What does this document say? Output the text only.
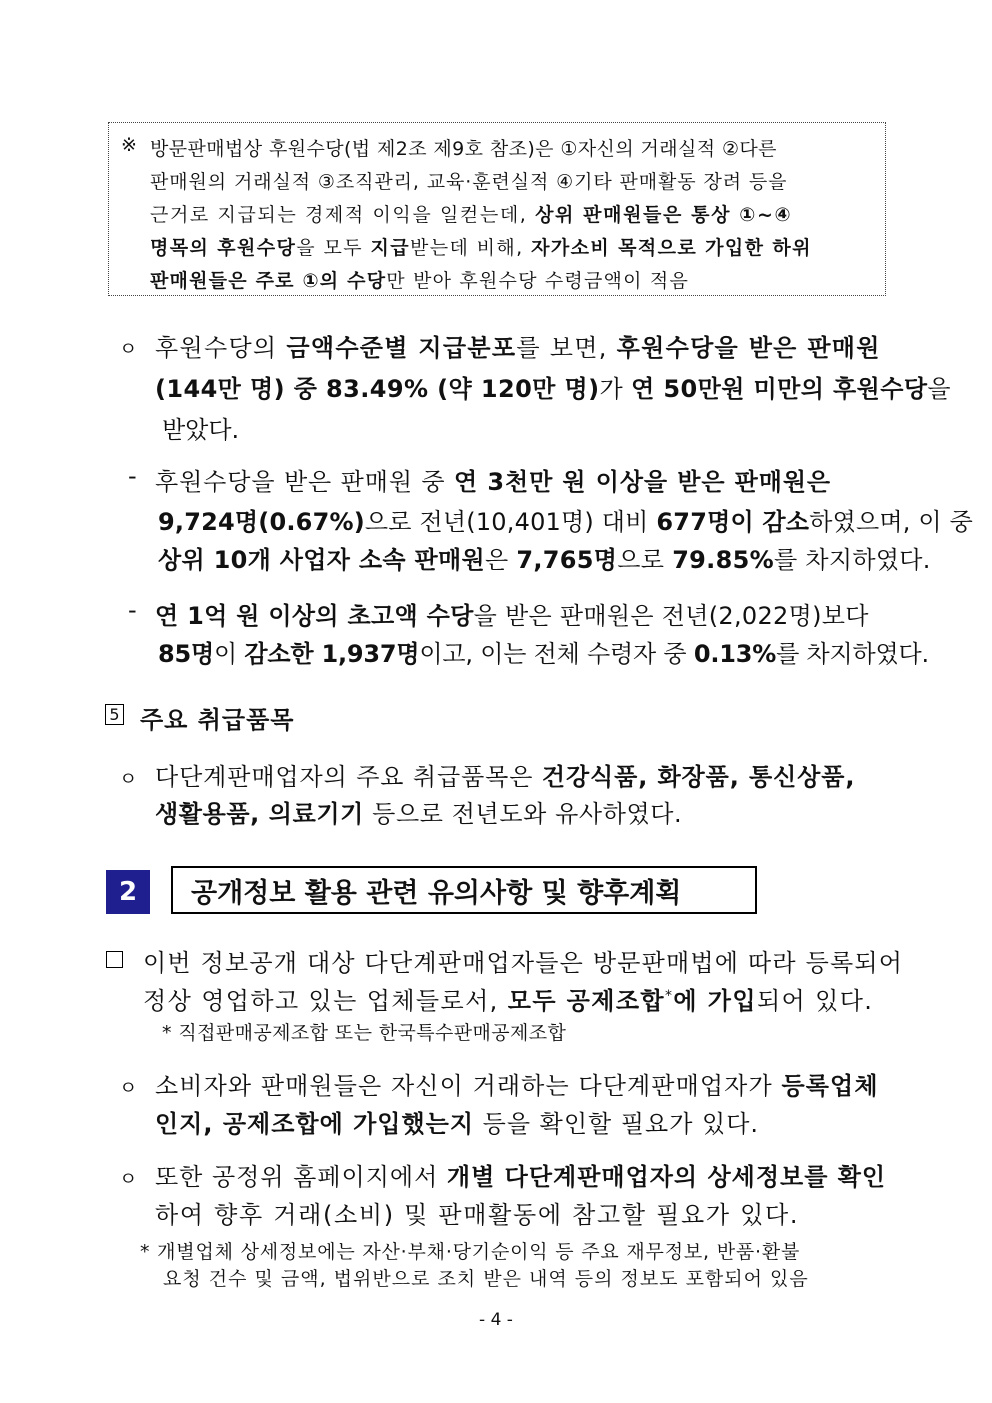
※ 방문판매법상 후원수당(법 제2조 제9호 참조)은 ①자신의 거래실적 ②다른
판매원의 거래실적 ③조직관리, 교육·훈련실적 ④기타 판매활동 장려 등을
근거로 지급되는 경제적 이익을 일컫는데, 상위 판매원들은 통상 ①~④
명목의 후원수당을 모두 지급받는데 비해, 자가소비 목적으로 가입한 하위
판매원들은 주로 ①의 수당만 받아 후원수당 수령금액이 적음
ㅇ 후원수당의 금액수준별 지급분포를 보면, 후원수당을 받은 판매원
(144만 명) 중 83.49% (약 120만 명)가 연 50만원 미만의 후원수당을
받았다.
- 후원수당을 받은 판매원 중 연 3천만 원 이상을 받은 판매원은
9,724명(0.67%)으로 전년(10,401명) 대비 677명이 감소하였으며, 이 중
상위 10개 사업자 소속 판매원은 7,765명으로 79.85%를 차지하였다.
- 연 1억 원 이상의 초고액 수당을 받은 판매원은 전년(2,022명)보다
85명이 감소한 1,937명이고, 이는 전체 수령자 중 0.13%를 차지하였다.
5 주요 취급품목
ㅇ 다단계판매업자의 주요 취급품목은 건강식품, 화장품, 통신상품,
생활용품, 의료기기 등으로 전년도와 유사하였다.
2	공개정보 활용 관련 유의사항 및 향후계획
이번 정보공개 대상 다단계판매업자들은 방문판매법에 따라 등록되어
정상 영업하고 있는 업체들로서, 모두 공제조합*에 가입되어 있다.
* 직접판매공제조합 또는 한국특수판매공제조합
ㅇ 소비자와 판매원들은 자신이 거래하는 다단계판매업자가 등록업체
인지, 공제조합에 가입했는지 등을 확인할 필요가 있다.
ㅇ 또한 공정위 홈페이지에서 개별 다단계판매업자의 상세정보를 확인
하여 향후 거래(소비) 및 판매활동에 참고할 필요가 있다.
* 개별업체 상세정보에는 자산·부채·당기순이익 등 주요 재무정보, 반품·환불
요청 건수 및 금액, 법위반으로 조치 받은 내역 등의 정보도 포함되어 있음
- 4 -
